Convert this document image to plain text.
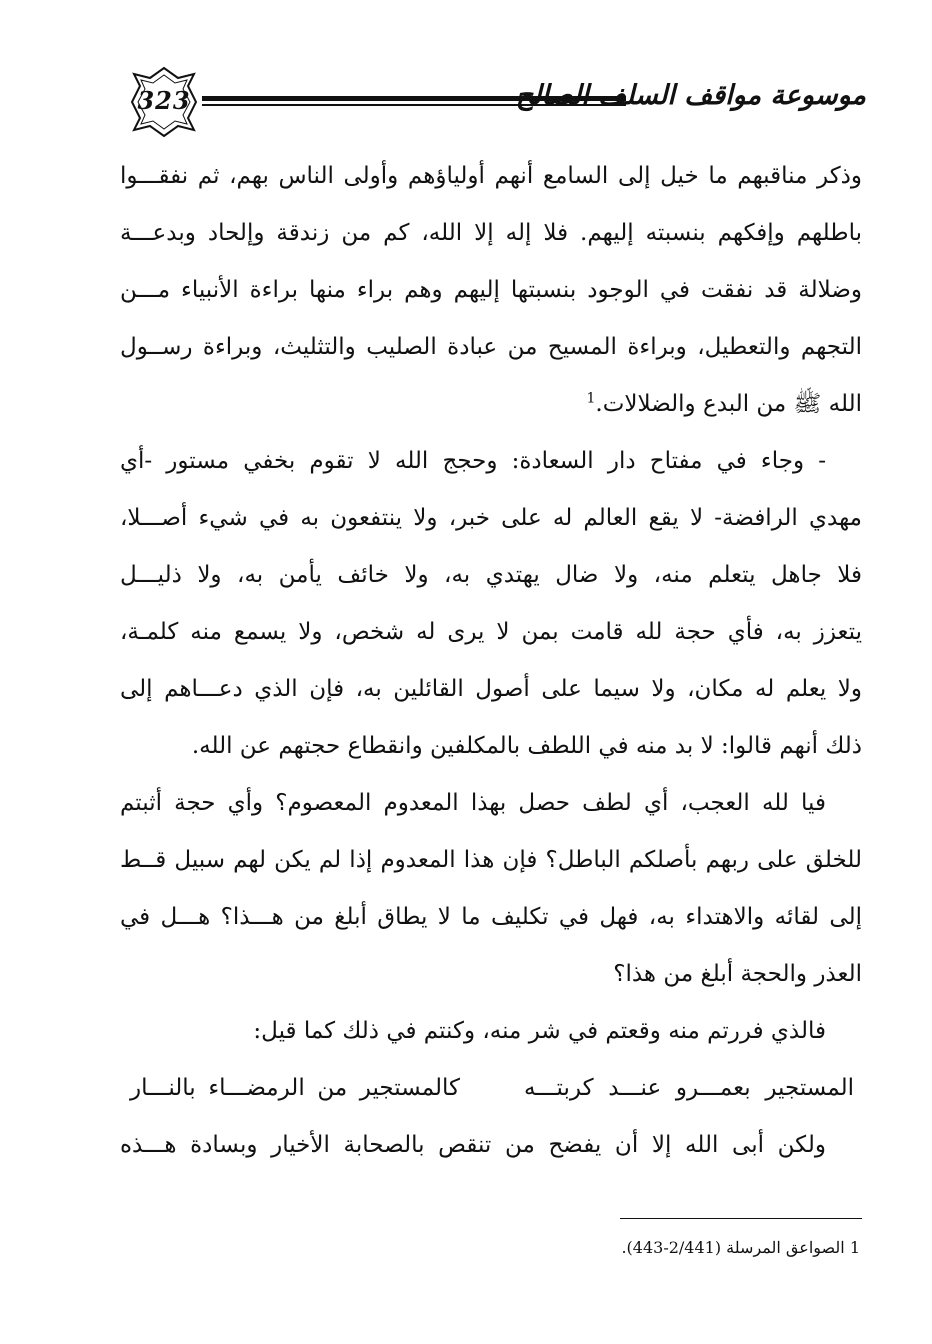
323	موسوعة مواقف السلف الصالح
وذكر مناقبهم ما خيل إلى السامع أنهم أولياؤهم وأولى الناس بهم، ثم نفقـــوا
باطلهم وإفكهم بنسبته إليهم. فلا إله إلا الله، كم من زندقة وإلحاد وبدعـــة
وضلالة قد نفقت في الوجود بنسبتها إليهم وهم براء منها براءة الأنبياء مـــن
التجهم والتعطيل، وبراءة المسيح من عبادة الصليب والتثليث، وبراءة رســول
الله ﷺ من البدع والضلالات.$^1$
- وجاء في مفتاح دار السعادة: وحجج الله لا تقوم بخفي مستور -أي
مهدي الرافضة- لا يقع العالم له على خبر، ولا ينتفعون به في شيء أصـــلا،
فلا جاهل يتعلم منه، ولا ضال يهتدي به، ولا خائف يأمن به، ولا ذليـــل
يتعزز به، فأي حجة لله قامت بمن لا يرى له شخص، ولا يسمع منه كلمـة،
ولا يعلم له مكان، ولا سيما على أصول القائلين به، فإن الذي دعـــاهم إلى
ذلك أنهم قالوا: لا بد منه في اللطف بالمكلفين وانقطاع حجتهم عن الله.
فيا لله العجب، أي لطف حصل بهذا المعدوم المعصوم؟ وأي حجة أثبتم
للخلق على ربهم بأصلكم الباطل؟ فإن هذا المعدوم إذا لم يكن لهم سبيل قــط
إلى لقائه والاهتداء به، فهل في تكليف ما لا يطاق أبلغ من هـــذا؟ هـــل في
العذر والحجة أبلغ من هذا؟
فالذي فررتم منه وقعتم في شر منه، وكنتم في ذلك كما قيل:
المستجير بعمـــرو عنـــد كربتـــه
كالمستجير من الرمضـــاء بالنـــار
ولكن أبى الله إلا أن يفضح من تنقص بالصحابة الأخيار وبسادة هـــذه
1 الصواعق المرسلة (2/441-443).
